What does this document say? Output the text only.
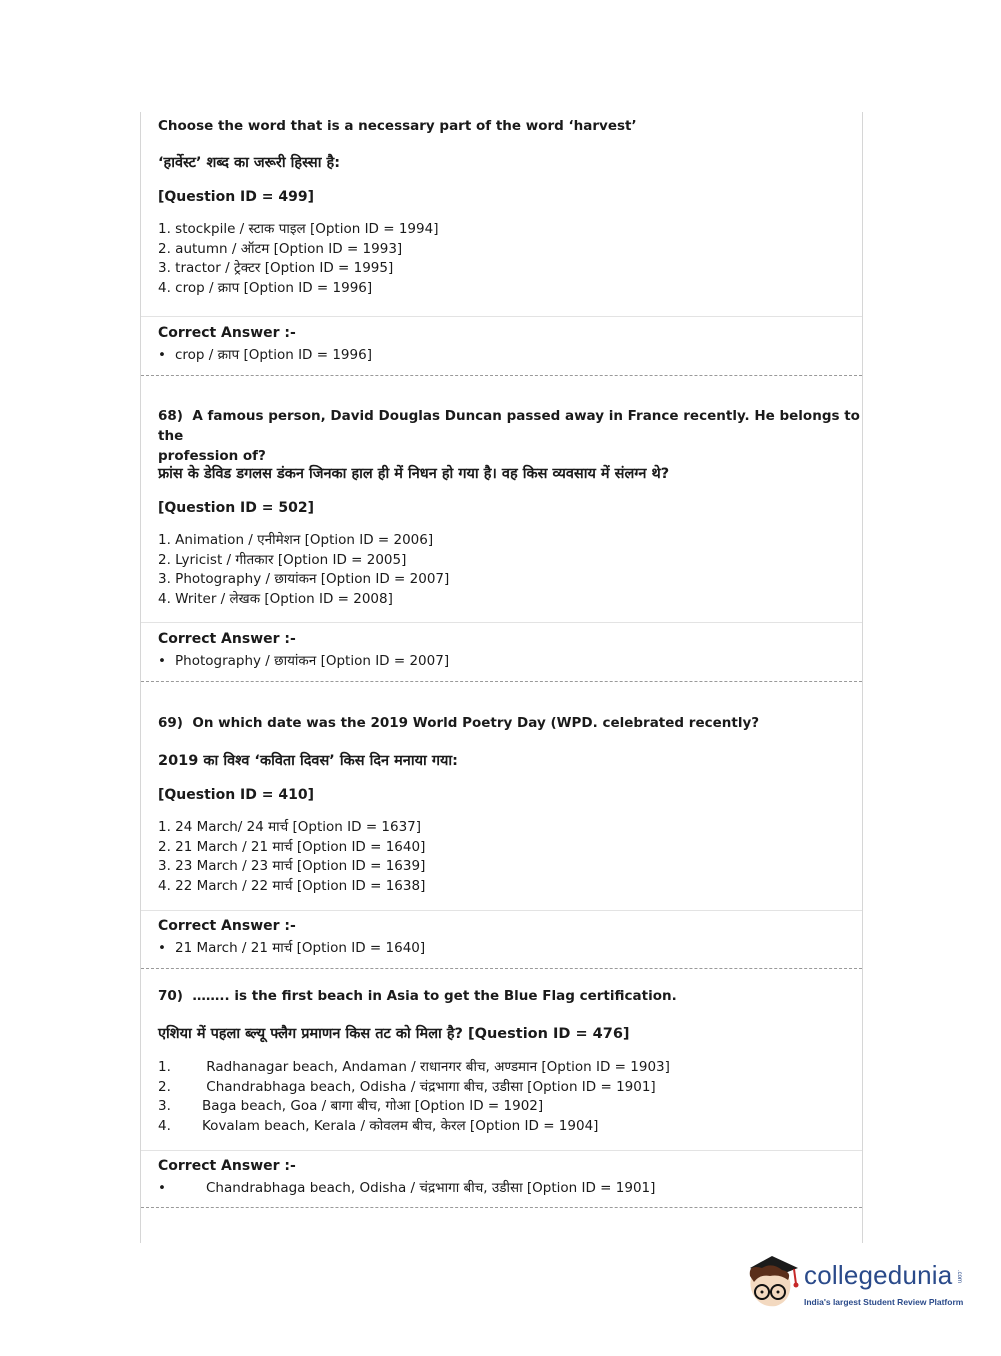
Choose the word that is a necessary part of the word ‘harvest’
‘हार्वेस्ट’ शब्द का जरूरी हिस्सा है:
[Question ID = 499]
1. stockpile / स्टाक पाइल [Option ID = 1994]
2. autumn / ऑटम [Option ID = 1993]
3. tractor / ट्रेक्टर [Option ID = 1995]
4. crop / क्राप [Option ID = 1996]
Correct Answer :-
• crop / क्राप [Option ID = 1996]
68) A famous person, David Douglas Duncan passed away in France recently. He belongs to the
profession of?
फ्रांस के डेविड डगलस डंकन जिनका हाल ही में निधन हो गया है। वह किस व्यवसाय में संलग्न थे?
[Question ID = 502]
1. Animation / एनीमेशन [Option ID = 2006]
2. Lyricist / गीतकार [Option ID = 2005]
3. Photography / छायांकन [Option ID = 2007]
4. Writer / लेखक [Option ID = 2008]
Correct Answer :-
• Photography / छायांकन [Option ID = 2007]
69) On which date was the 2019 World Poetry Day (WPD. celebrated recently?
2019 का विश्व ‘कविता दिवस’ किस दिन मनाया गया:
[Question ID = 410]
1. 24 March/ 24 मार्च [Option ID = 1637]
2. 21 March / 21 मार्च [Option ID = 1640]
3. 23 March / 23 मार्च [Option ID = 1639]
4. 22 March / 22 मार्च [Option ID = 1638]
Correct Answer :-
• 21 March / 21 मार्च [Option ID = 1640]
70) …….. is the first beach in Asia to get the Blue Flag certification.
एशिया में पहला ब्ल्यू फ्लैग प्रमाणन किस तट को मिला है? [Question ID = 476]
1. Radhanagar beach, Andaman / राधानगर बीच, अण्डमान [Option ID = 1903]
2. Chandrabhaga beach, Odisha / चंद्रभागा बीच, उडीसा [Option ID = 1901]
3. Baga beach, Goa / बागा बीच, गोआ [Option ID = 1902]
4. Kovalam beach, Kerala / कोवलम बीच, केरल [Option ID = 1904]
Correct Answer :-
•	Chandrabhaga beach, Odisha / चंद्रभागा बीच, उडीसा [Option ID = 1901]
collegedunia .com
India's largest Student Review Platform
